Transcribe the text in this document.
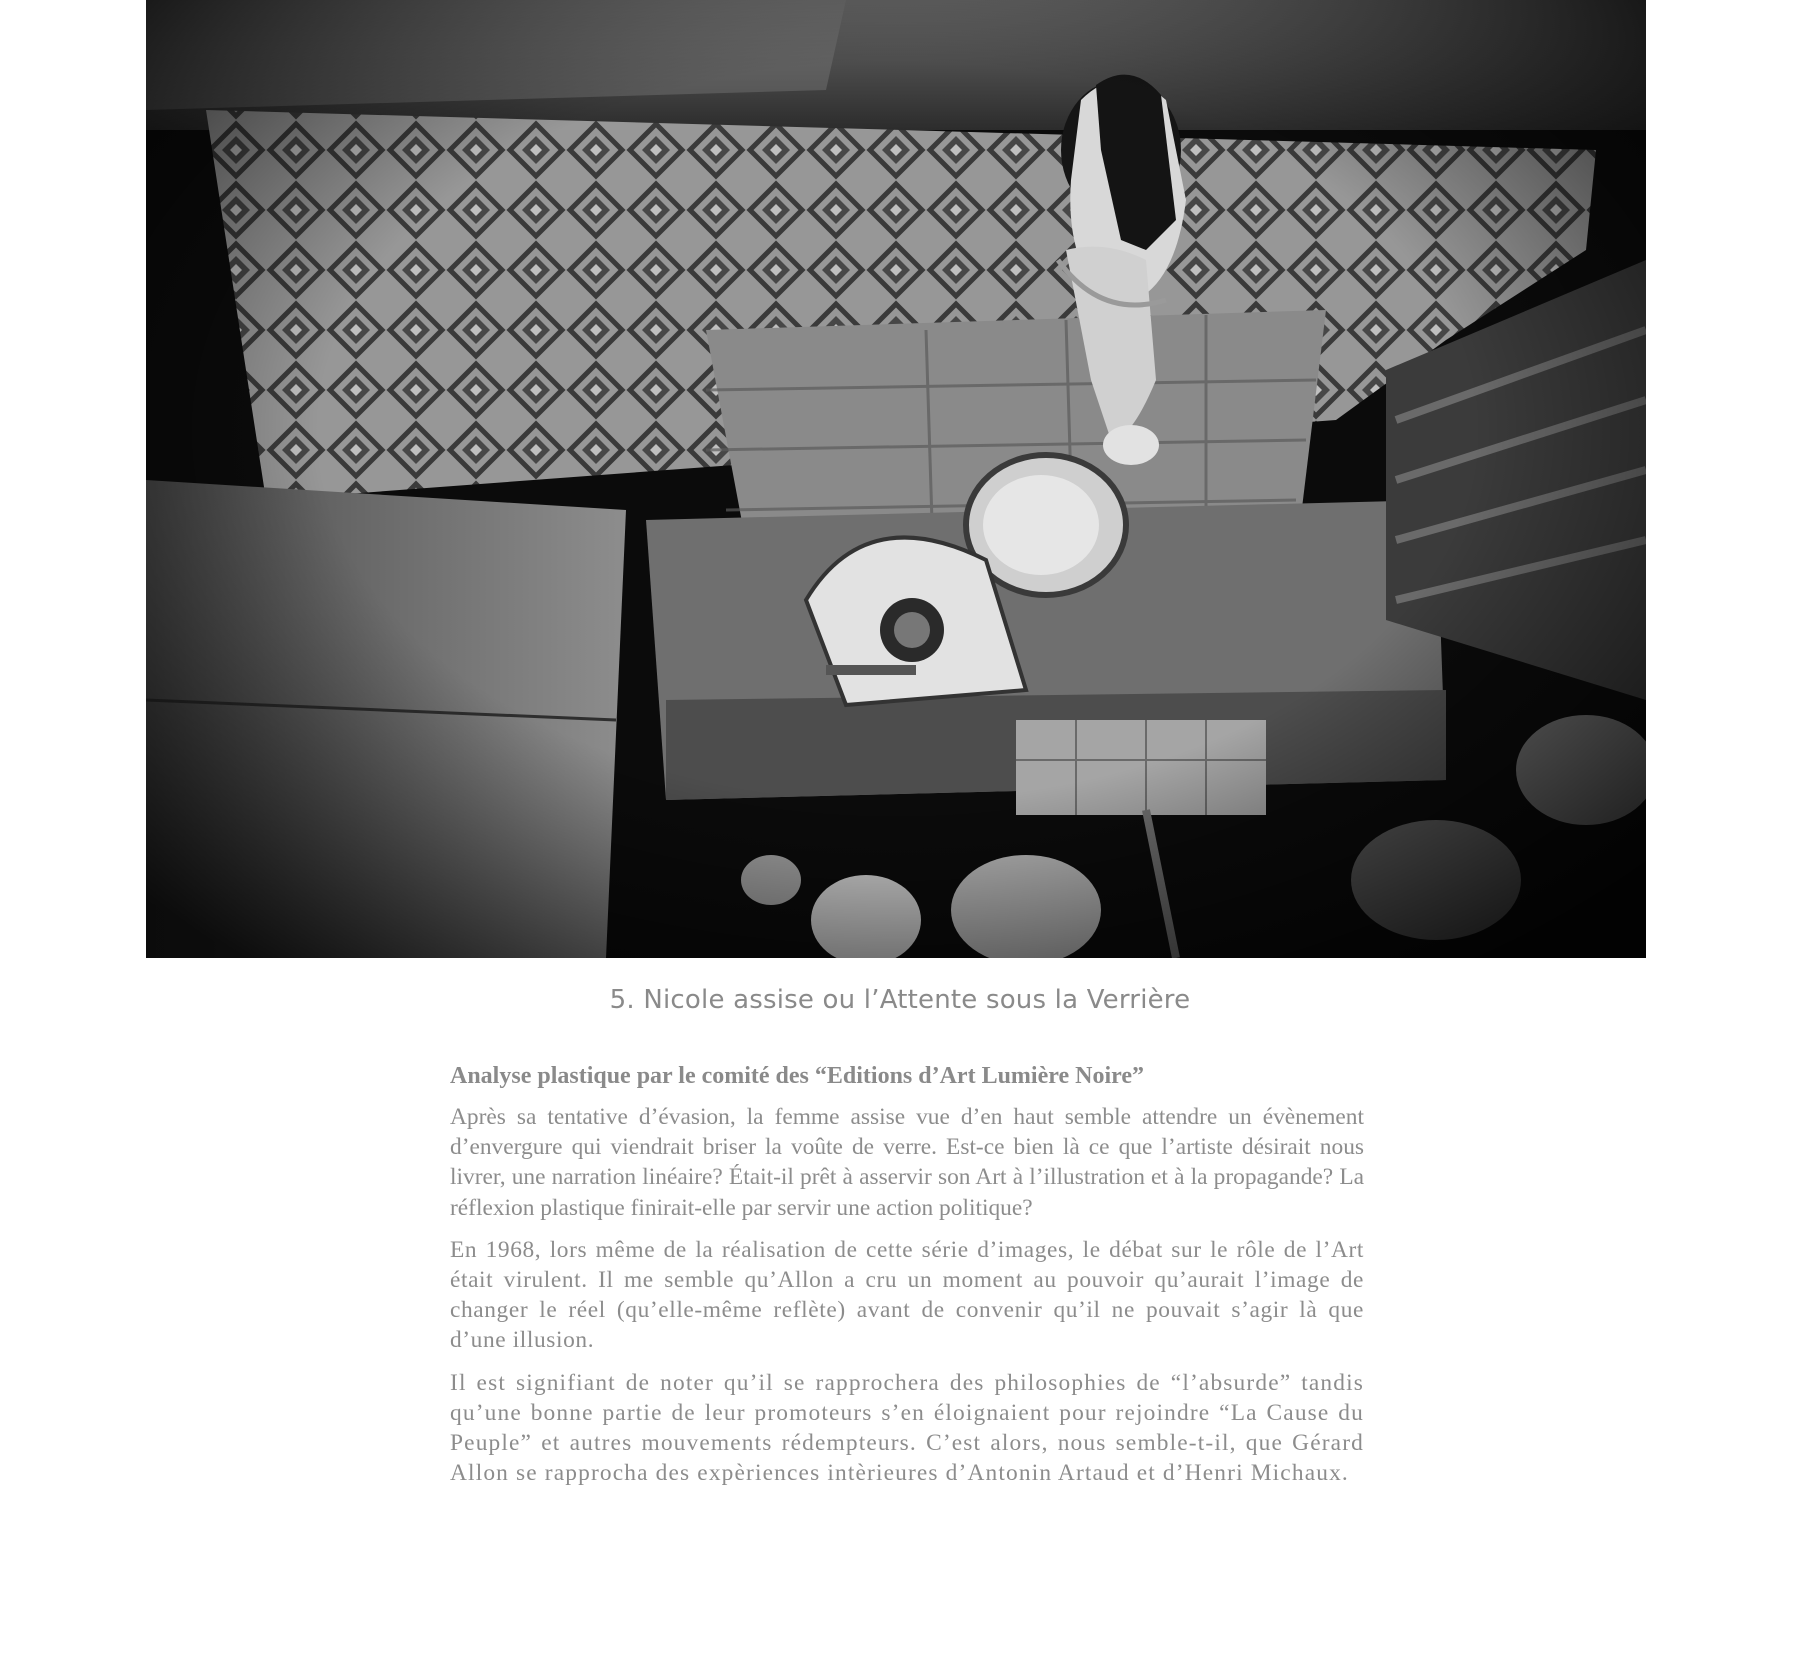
5. Nicole assise ou l’Attente sous la Verrière
Analyse plastique par le comité des “Editions d’Art Lumière Noire”

Après sa tentative d’évasion, la femme assise vue d’en haut semble attendre un évènement d’envergure qui viendrait briser la voûte de verre. Est-ce bien là ce que l’artiste désirait nous livrer, une narration linéaire? Était-il prêt à asservir son Art à l’illustration et à la propagande? La réflexion plastique finirait-elle par servir une action politique?

En 1968, lors même de la réalisation de cette série d’images, le débat sur le rôle de l’Art était virulent. Il me semble qu’Allon a cru un moment au pouvoir qu’aurait l’image de changer le réel (qu’elle-même reflète) avant de convenir qu’il ne pouvait s’agir là que d’une illusion.

Il est signifiant de noter qu’il se rapprochera des philosophies de “l’absurde” tandis qu’une bonne partie de leur promoteurs s’en éloignaient pour rejoindre “La Cause du Peuple” et autres mouvements rédempteurs. C’est alors, nous semble-t-il, que Gérard Allon se rapprocha des expèriences intèrieures d’Antonin Artaud et d’Henri Michaux.
